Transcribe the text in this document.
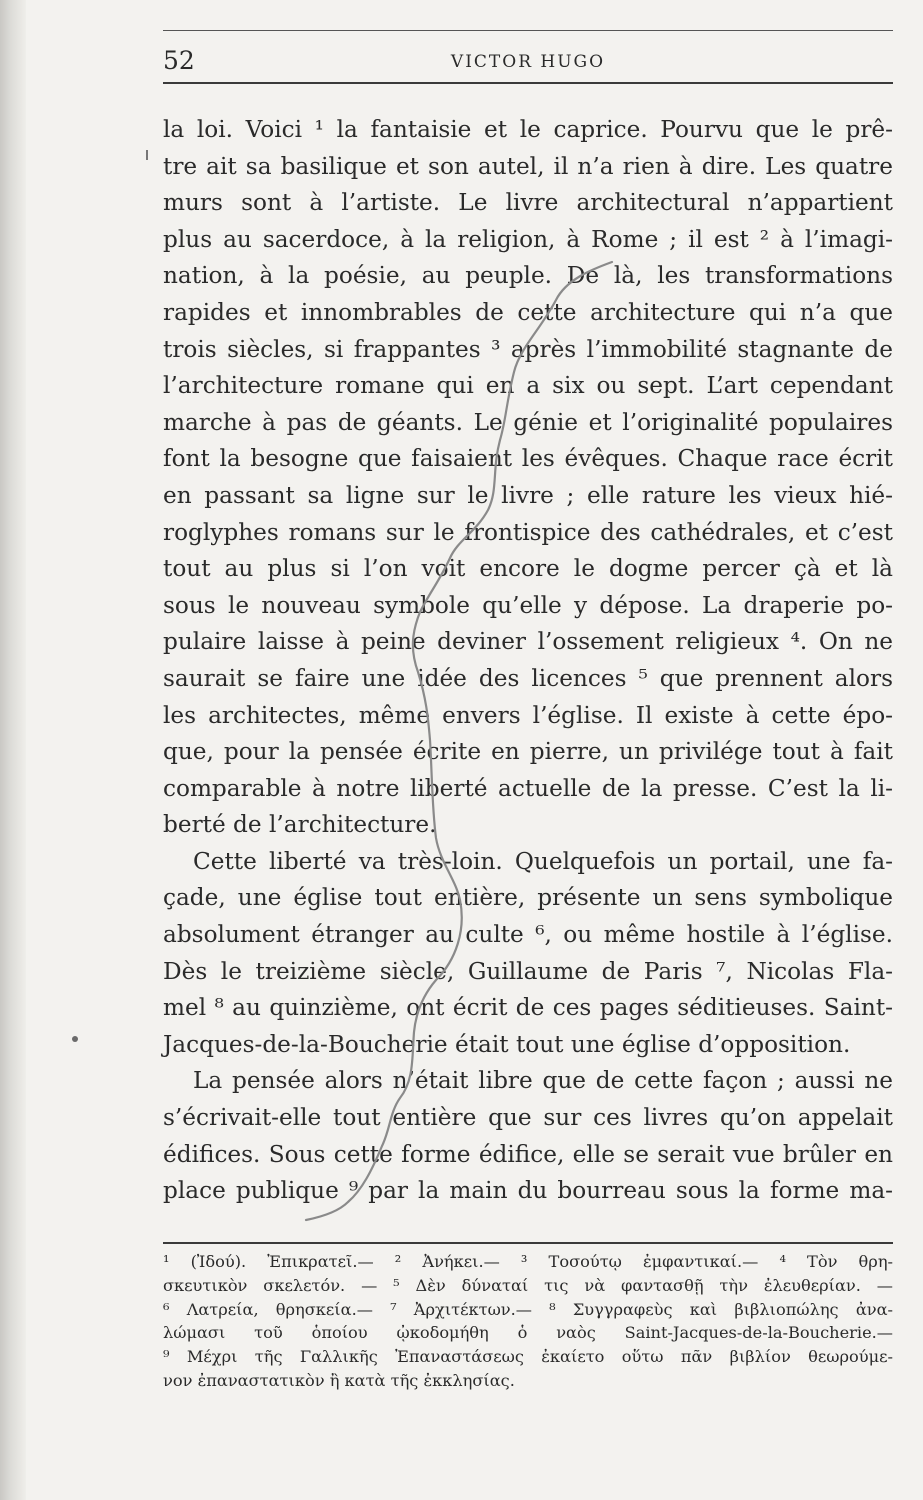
52	VICTOR HUGO
la loi. Voici ¹ la fantaisie et le caprice. Pourvu que le prê-
tre ait sa basilique et son autel, il n’a rien à dire. Les quatre
murs sont à l’artiste. Le livre architectural n’appartient
plus au sacerdoce, à la religion, à Rome ; il est ² à l’imagi-
nation, à la poésie, au peuple. De là, les transformations
rapides et innombrables de cette architecture qui n’a que
trois siècles, si frappantes ³ après l’immobilité stagnante de
l’architecture romane qui en a six ou sept. L’art cependant
marche à pas de géants. Le génie et l’originalité populaires
font la besogne que faisaient les évêques. Chaque race écrit
en passant sa ligne sur le livre ; elle rature les vieux hié-
roglyphes romans sur le frontispice des cathédrales, et c’est
tout au plus si l’on voit encore le dogme percer çà et là
sous le nouveau symbole qu’elle y dépose. La draperie po-
pulaire laisse à peine deviner l’ossement religieux ⁴. On ne
saurait se faire une idée des licences ⁵ que prennent alors
les architectes, même envers l’église. Il existe à cette épo-
que, pour la pensée écrite en pierre, un privilége tout à fait
comparable à notre liberté actuelle de la presse. C’est la li-
berté de l’architecture.
Cette liberté va très-loin. Quelquefois un portail, une fa-
çade, une église tout entière, présente un sens symbolique
absolument étranger au culte ⁶, ou même hostile à l’église.
Dès le treizième siècle, Guillaume de Paris ⁷, Nicolas Fla-
mel ⁸ au quinzième, ont écrit de ces pages séditieuses. Saint-
Jacques-de-la-Boucherie était tout une église d’opposition.
La pensée alors n’était libre que de cette façon ; aussi ne
s’écrivait-elle tout entière que sur ces livres qu’on appelait
édifices. Sous cette forme édifice, elle se serait vue brûler en
place publique ⁹ par la main du bourreau sous la forme ma-
¹ (Ἰδού). Ἐπικρατεῖ.— ² Ἀνήκει.— ³ Τοσούτῳ ἐμφαντικαί.— ⁴ Τὸν θρη-
σκευτικὸν σκελετόν. — ⁵ Δὲν δύναταί τις νὰ φαντασθῇ τὴν ἐλευθερίαν. —
⁶ Λατρεία, θρησκεία.— ⁷ Ἀρχιτέκτων.— ⁸ Συγγραφεὺς καὶ βιβλιοπώλης ἀνα-
λώμασι τοῦ ὁποίου ᾠκοδομήθη ὁ ναὸς Saint-Jacques-de-la-Boucherie.—
⁹ Μέχρι τῆς Γαλλικῆς Ἐπαναστάσεως ἐκαίετο οὕτω πᾶν βιβλίον θεωρούμε-
νον ἐπαναστατικὸν ἢ κατὰ τῆς ἐκκλησίας.
